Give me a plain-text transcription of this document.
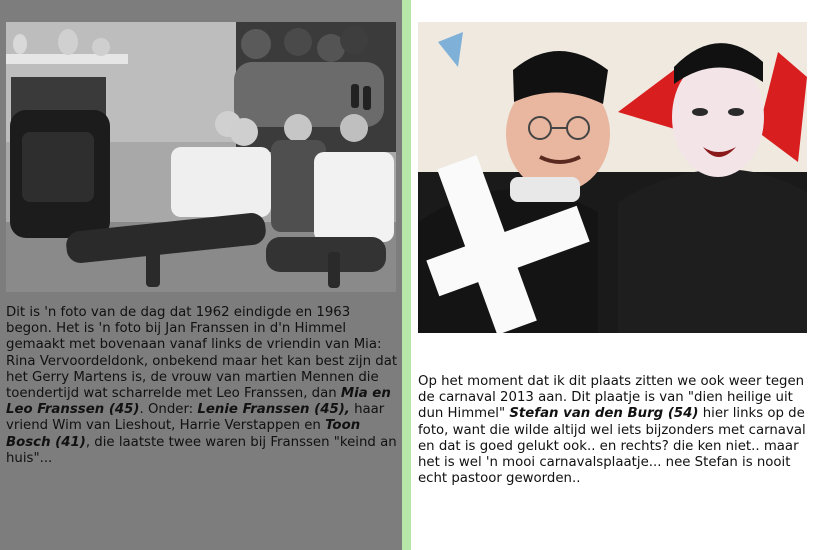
Dit is 'n foto van de dag dat 1962 eindigde en 1963 begon. Het is 'n foto bij Jan Franssen in d'n Himmel gemaakt met bovenaan vanaf links de vriendin van Mia: Rina Vervoordeldonk, onbekend maar het kan best zijn dat het Gerry Martens is, de vrouw van martien Mennen die toendertijd wat scharrelde met Leo Franssen, dan Mia en Leo Franssen (45). Onder: Lenie Franssen (45), haar vriend Wim van Lieshout, Harrie Verstappen en Toon Bosch (41), die laatste twee waren bij Franssen "keind an huis"...
Op het moment dat ik dit plaats zitten we ook weer tegen de carnaval 2013 aan. Dit plaatje is van "dien heilige uit dun Himmel" Stefan van den Burg (54) hier links op de foto, want die wilde altijd wel iets bijzonders met carnaval en dat is goed gelukt ook.. en rechts? die ken niet.. maar het is wel 'n mooi carnavalsplaatje... nee Stefan is nooit echt pastoor geworden..
